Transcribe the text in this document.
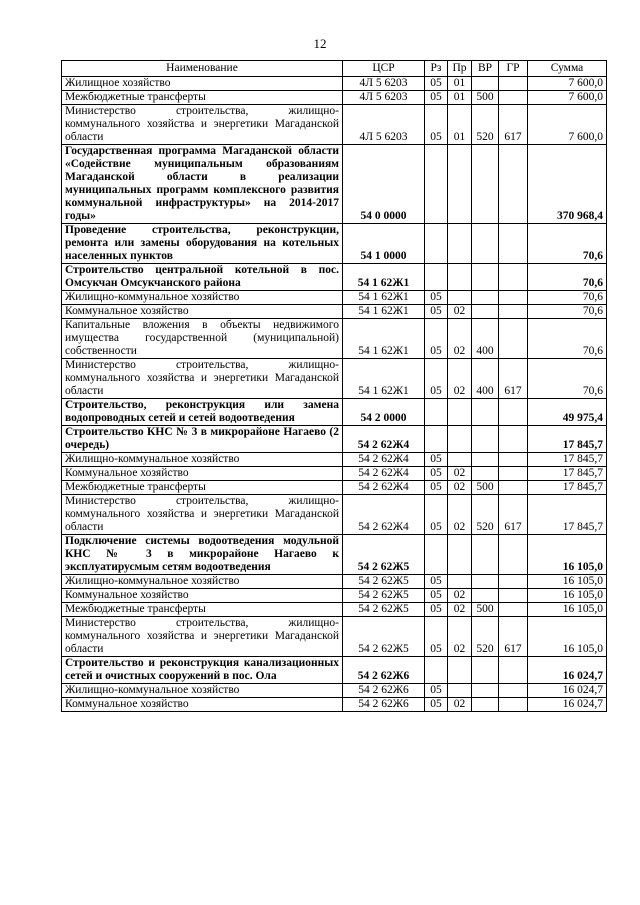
12
Наименование	ЦСР	Рз	Пр	ВР	ГР	Сумма
Жилищное хозяйство	4Л 5 6203	05	01			7 600,0
Межбюджетные трансферты	4Л 5 6203	05	01	500		7 600,0
Министерство строительства, жилищно-коммунального хозяйства и энергетики Магаданской области	4Л 5 6203	05	01	520	617	7 600,0
Государственная программа Магаданской области «Содействие муниципальным образованиям Магаданской области в реализации муниципальных программ комплексного развития коммунальной инфраструктуры» на 2014-2017 годы»	54 0 0000					370 968,4
Проведение строительства, реконструкции, ремонта или замены оборудования на котельных населенных пунктов	54 1 0000					70,6
Строительство центральной котельной в пос. Омсукчан Омсукчанского района	54 1 62Ж1					70,6
Жилищно-коммунальное хозяйство	54 1 62Ж1	05				70,6
Коммунальное хозяйство	54 1 62Ж1	05	02			70,6
Капитальные вложения в объекты недвижимого имущества государственной (муниципальной) собственности	54 1 62Ж1	05	02	400		70,6
Министерство строительства, жилищно-коммунального хозяйства и энергетики Магаданской области	54 1 62Ж1	05	02	400	617	70,6
Строительство, реконструкция или замена водопроводных сетей и сетей водоотведения	54 2 0000					49 975,4
Строительство КНС № 3 в микрорайоне Нагаево (2 очередь)	54 2 62Ж4					17 845,7
Жилищно-коммунальное хозяйство	54 2 62Ж4	05				17 845,7
Коммунальное хозяйство	54 2 62Ж4	05	02			17 845,7
Межбюджетные трансферты	54 2 62Ж4	05	02	500		17 845,7
Министерство строительства, жилищно-коммунального хозяйства и энергетики Магаданской области	54 2 62Ж4	05	02	520	617	17 845,7
Подключение системы водоотведения модульной КНС № 3 в микрорайоне Нагаево к эксплуатирусмым сетям водоотведения	54 2 62Ж5					16 105,0
Жилищно-коммунальное хозяйство	54 2 62Ж5	05				16 105,0
Коммунальное хозяйство	54 2 62Ж5	05	02			16 105,0
Межбюджетные трансферты	54 2 62Ж5	05	02	500		16 105,0
Министерство строительства, жилищно-коммунального хозяйства и энергетики Магаданской области	54 2 62Ж5	05	02	520	617	16 105,0
Строительство и реконструкция канализационных сетей и очистных сооружений в пос. Ола	54 2 62Ж6					16 024,7
Жилищно-коммунальное хозяйство	54 2 62Ж6	05				16 024,7
Коммунальное хозяйство	54 2 62Ж6	05	02			16 024,7
